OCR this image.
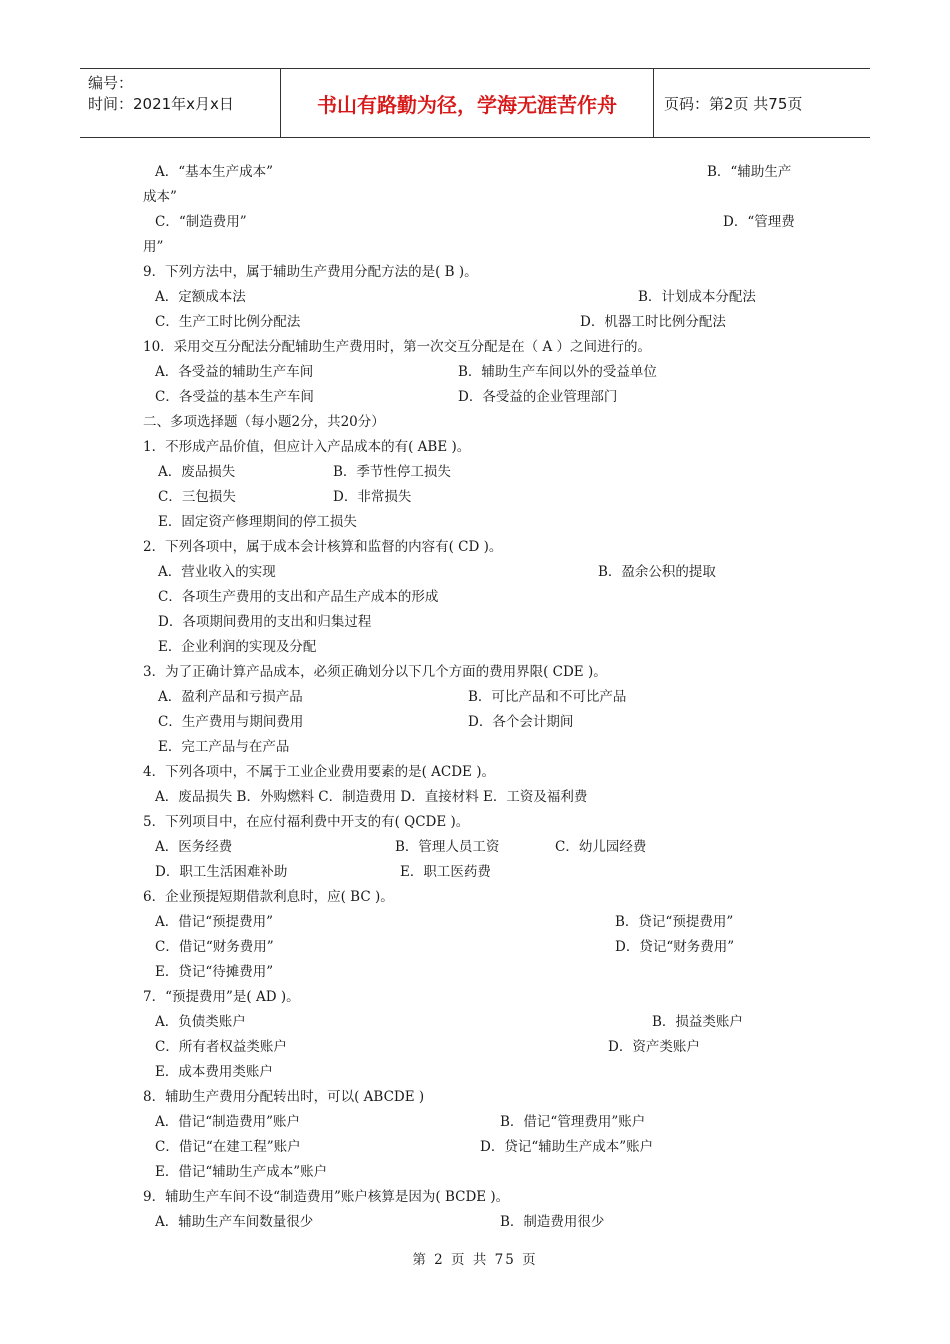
编号：
时间：2021年x月x日	书山有路勤为径，学海无涯苦作舟	页码：第2页 共75页
A．“基本生产成本”	B．“辅助生产
成本”
C．“制造费用”	D．“管理费
用”
9．下列方法中，属于辅助生产费用分配方法的是( B )。
A．定额成本法	B．计划成本分配法
C．生产工时比例分配法	D．机器工时比例分配法
10．采用交互分配法分配辅助生产费用时，第一次交互分配是在（ A ）之间进行的。
A．各受益的辅助生产车间	B．辅助生产车间以外的受益单位
C．各受益的基本生产车间	D．各受益的企业管理部门
二、多项选择题（每小题2分，共20分）
1．不形成产品价值，但应计入产品成本的有( ABE )。
A．废品损失	B．季节性停工损失
C．三包损失	D．非常损失
E．固定资产修理期间的停工损失
2．下列各项中，属于成本会计核算和监督的内容有( CD )。
A．营业收入的实现	B．盈余公积的提取
C．各项生产费用的支出和产品生产成本的形成
D．各项期间费用的支出和归集过程
E．企业利润的实现及分配
3．为了正确计算产品成本，必须正确划分以下几个方面的费用界限( CDE )。
A．盈利产品和亏损产品	B．可比产品和不可比产品
C．生产费用与期间费用	D．各个会计期间
E．完工产品与在产品
4．下列各项中，不属于工业企业费用要素的是( ACDE )。
A．废品损失 B．外购燃料 C．制造费用 D．直接材料 E．工资及福利费
5．下列项目中，在应付福利费中开支的有( QCDE )。
A．医务经费	B．管理人员工资	C．幼儿园经费
D．职工生活困难补助	E．职工医药费
6．企业预提短期借款利息时，应( BC )。
A．借记“预提费用”	B．贷记“预提费用”
C．借记“财务费用”	D．贷记“财务费用”
E．贷记“待摊费用”
7．“预提费用”是( AD )。
A．负债类账户	B．损益类账户
C．所有者权益类账户	D．资产类账户
E．成本费用类账户
8．辅助生产费用分配转出时，可以( ABCDE )
A．借记“制造费用”账户	B．借记“管理费用”账户
C．借记“在建工程”账户	D．贷记“辅助生产成本”账户
E．借记“辅助生产成本”账户
9．辅助生产车间不设“制造费用”账户核算是因为( BCDE )。
A．辅助生产车间数量很少	B．制造费用很少
第 2 页 共 75 页
